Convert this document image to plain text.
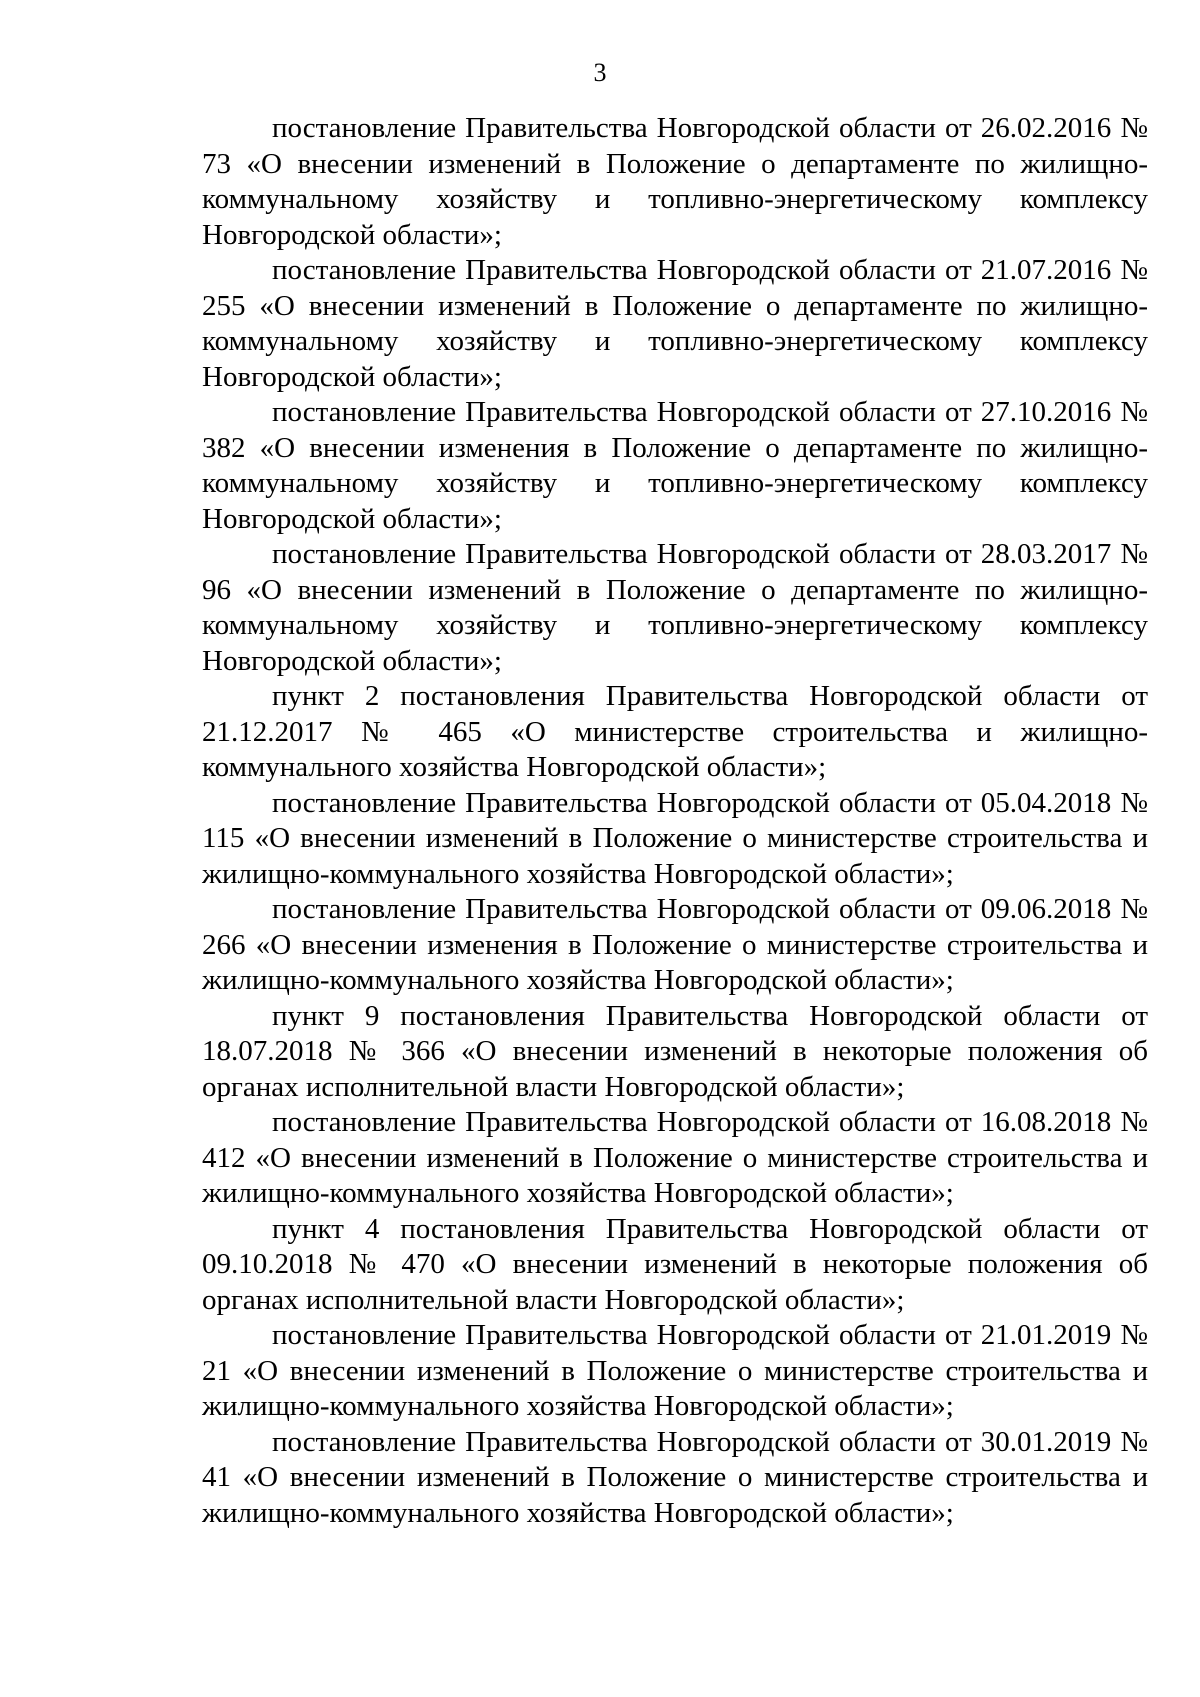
3

постановление Правительства Новгородской области от 26.02.2016 № 73 «О внесении изменений в Положение о департаменте по жилищно-коммунальному хозяйству и топливно-энергетическому комплексу Новгородской области»;

постановление Правительства Новгородской области от 21.07.2016 № 255 «О внесении изменений в Положение о департаменте по жилищно-коммунальному хозяйству и топливно-энергетическому комплексу Новгородской области»;

постановление Правительства Новгородской области от 27.10.2016 № 382 «О внесении изменения в Положение о департаменте по жилищно-коммунальному хозяйству и топливно-энергетическому комплексу Новгородской области»;

постановление Правительства Новгородской области от 28.03.2017 № 96 «О внесении изменений в Положение о департаменте по жилищно-коммунальному хозяйству и топливно-энергетическому комплексу Новгородской области»;

пункт 2 постановления Правительства Новгородской области от 21.12.2017 № 465 «О министерстве строительства и жилищно-коммунального хозяйства Новгородской области»;

постановление Правительства Новгородской области от 05.04.2018 № 115 «О внесении изменений в Положение о министерстве строительства и жилищно-коммунального хозяйства Новгородской области»;

постановление Правительства Новгородской области от 09.06.2018 № 266 «О внесении изменения в Положение о министерстве строительства и жилищно-коммунального хозяйства Новгородской области»;

пункт 9 постановления Правительства Новгородской области от 18.07.2018 № 366 «О внесении изменений в некоторые положения об органах исполнительной власти Новгородской области»;

постановление Правительства Новгородской области от 16.08.2018 № 412 «О внесении изменений в Положение о министерстве строительства и жилищно-коммунального хозяйства Новгородской области»;

пункт 4 постановления Правительства Новгородской области от 09.10.2018 № 470 «О внесении изменений в некоторые положения об органах исполнительной власти Новгородской области»;

постановление Правительства Новгородской области от 21.01.2019 № 21 «О внесении изменений в Положение о министерстве строительства и жилищно-коммунального хозяйства Новгородской области»;

постановление Правительства Новгородской области от 30.01.2019 № 41 «О внесении изменений в Положение о министерстве строительства и жилищно-коммунального хозяйства Новгородской области»;
